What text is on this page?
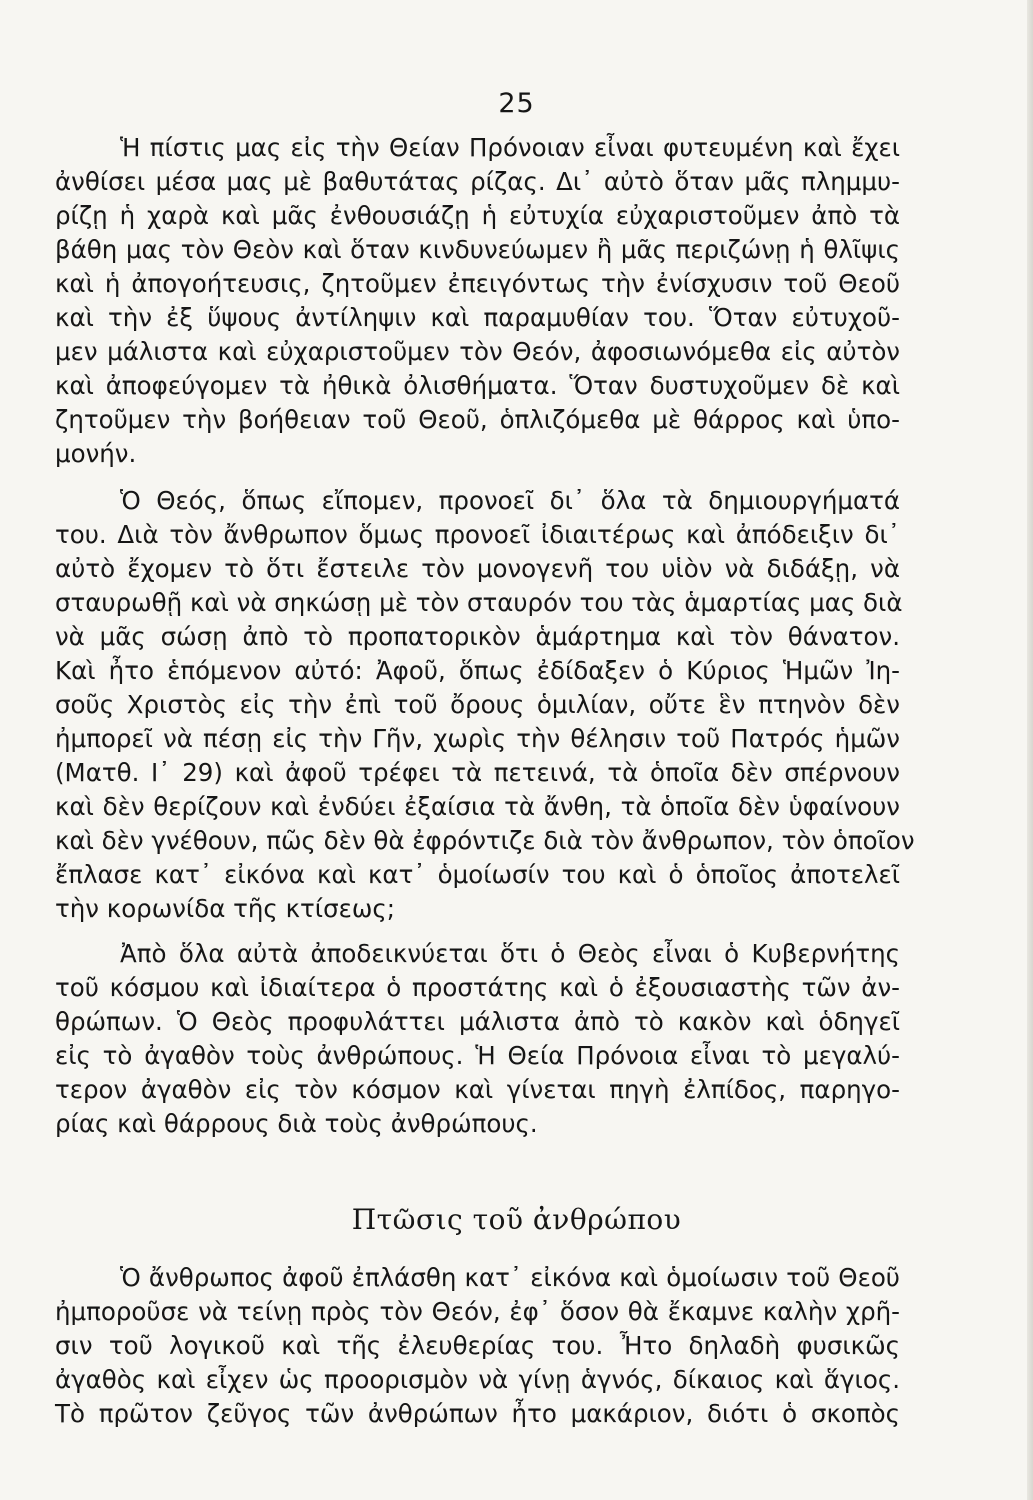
25
Ἡ πίστις μας εἰς τὴν Θείαν Πρόνοιαν εἶναι φυτευμένη καὶ ἔχει
ἀνθίσει μέσα μας μὲ βαθυτάτας ρίζας. Δι᾿ αὐτὸ ὅταν μᾶς πλημμυ-
ρίζῃ ἡ χαρὰ καὶ μᾶς ἐνθουσιάζῃ ἡ εὐτυχία εὐχαριστοῦμεν ἀπὸ τὰ
βάθη μας τὸν Θεὸν καὶ ὅταν κινδυνεύωμεν ἢ μᾶς περιζώνῃ ἡ θλῖψις
καὶ ἡ ἀπογοήτευσις, ζητοῦμεν ἐπειγόντως τὴν ἐνίσχυσιν τοῦ Θεοῦ
καὶ τὴν ἐξ ὕψους ἀντίληψιν καὶ παραμυθίαν του. Ὅταν εὐτυχοῦ-
μεν μάλιστα καὶ εὐχαριστοῦμεν τὸν Θεόν, ἀφοσιωνόμεθα εἰς αὐτὸν
καὶ ἀποφεύγομεν τὰ ἠθικὰ ὀλισθήματα. Ὅταν δυστυχοῦμεν δὲ καὶ
ζητοῦμεν τὴν βοήθειαν τοῦ Θεοῦ, ὁπλιζόμεθα μὲ θάρρος καὶ ὑπο-
μονήν.
Ὁ Θεός, ὅπως εἴπομεν, προνοεῖ δι᾿ ὅλα τὰ δημιουργήματά
του. Διὰ τὸν ἄνθρωπον ὅμως προνοεῖ ἰδιαιτέρως καὶ ἀπόδειξιν δι᾿
αὐτὸ ἔχομεν τὸ ὅτι ἔστειλε τὸν μονογενῆ του υἱὸν νὰ διδάξῃ, νὰ
σταυρωθῇ καὶ νὰ σηκώσῃ μὲ τὸν σταυρόν του τὰς ἁμαρτίας μας διὰ
νὰ μᾶς σώσῃ ἀπὸ τὸ προπατορικὸν ἁμάρτημα καὶ τὸν θάνατον.
Καὶ ἦτο ἑπόμενον αὐτό: Ἀφοῦ, ὅπως ἐδίδαξεν ὁ Κύριος Ἡμῶν Ἰη-
σοῦς Χριστὸς εἰς τὴν ἐπὶ τοῦ ὄρους ὁμιλίαν, οὔτε ἓν πτηνὸν δὲν
ἠμπορεῖ νὰ πέσῃ εἰς τὴν Γῆν, χωρὶς τὴν θέλησιν τοῦ Πατρός ἡμῶν
(Ματθ. Ι᾿ 29) καὶ ἀφοῦ τρέφει τὰ πετεινά, τὰ ὁποῖα δὲν σπέρνουν
καὶ δὲν θερίζουν καὶ ἐνδύει ἐξαίσια τὰ ἄνθη, τὰ ὁποῖα δὲν ὑφαίνουν
καὶ δὲν γνέθουν, πῶς δὲν θὰ ἐφρόντιζε διὰ τὸν ἄνθρωπον, τὸν ὁποῖον
ἔπλασε κατ᾿ εἰκόνα καὶ κατ᾿ ὁμοίωσίν του καὶ ὁ ὁποῖος ἀποτελεῖ
τὴν κορωνίδα τῆς κτίσεως;
Ἀπὸ ὅλα αὐτὰ ἀποδεικνύεται ὅτι ὁ Θεὸς εἶναι ὁ Κυβερνήτης
τοῦ κόσμου καὶ ἰδιαίτερα ὁ προστάτης καὶ ὁ ἐξουσιαστὴς τῶν ἀν-
θρώπων. Ὁ Θεὸς προφυλάττει μάλιστα ἀπὸ τὸ κακὸν καὶ ὁδηγεῖ
εἰς τὸ ἀγαθὸν τοὺς ἀνθρώπους. Ἡ Θεία Πρόνοια εἶναι τὸ μεγαλύ-
τερον ἀγαθὸν εἰς τὸν κόσμον καὶ γίνεται πηγὴ ἐλπίδος, παρηγο-
ρίας καὶ θάρρους διὰ τοὺς ἀνθρώπους.
Πτῶσις τοῦ ἀνθρώπου
Ὁ ἄνθρωπος ἀφοῦ ἐπλάσθη κατ᾿ εἰκόνα καὶ ὁμοίωσιν τοῦ Θεοῦ
ἠμποροῦσε νὰ τείνῃ πρὸς τὸν Θεόν, ἐφ᾿ ὅσον θὰ ἔκαμνε καλὴν χρῆ-
σιν τοῦ λογικοῦ καὶ τῆς ἐλευθερίας του. Ἦτο δηλαδὴ φυσικῶς
ἀγαθὸς καὶ εἶχεν ὡς προορισμὸν νὰ γίνῃ ἁγνός, δίκαιος καὶ ἅγιος.
Τὸ πρῶτον ζεῦγος τῶν ἀνθρώπων ἦτο μακάριον, διότι ὁ σκοπὸς
